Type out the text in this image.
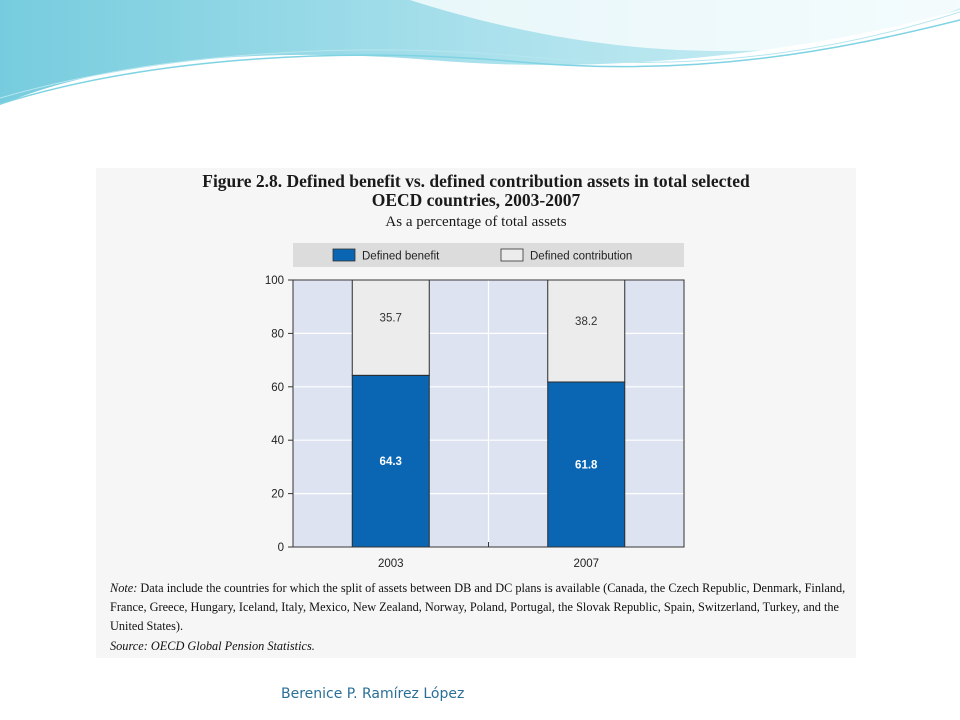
Figure 2.8. Defined benefit vs. defined contribution assets in total selected
OECD countries, 2003-2007
As a percentage of total assets
Defined benefit	Defined contribution
0
20
40
60
80
100
64.3
35.7
2003
61.8
38.2
2007
Note: Data include the countries for which the split of assets between DB and DC plans is available (Canada, the Czech Republic, Denmark, Finland, France, Greece, Hungary, Iceland, Italy, Mexico, New Zealand, Norway, Poland, Portugal, the Slovak Republic, Spain, Switzerland, Turkey, and the United States).
Source: OECD Global Pension Statistics.
Berenice P. Ramírez López
